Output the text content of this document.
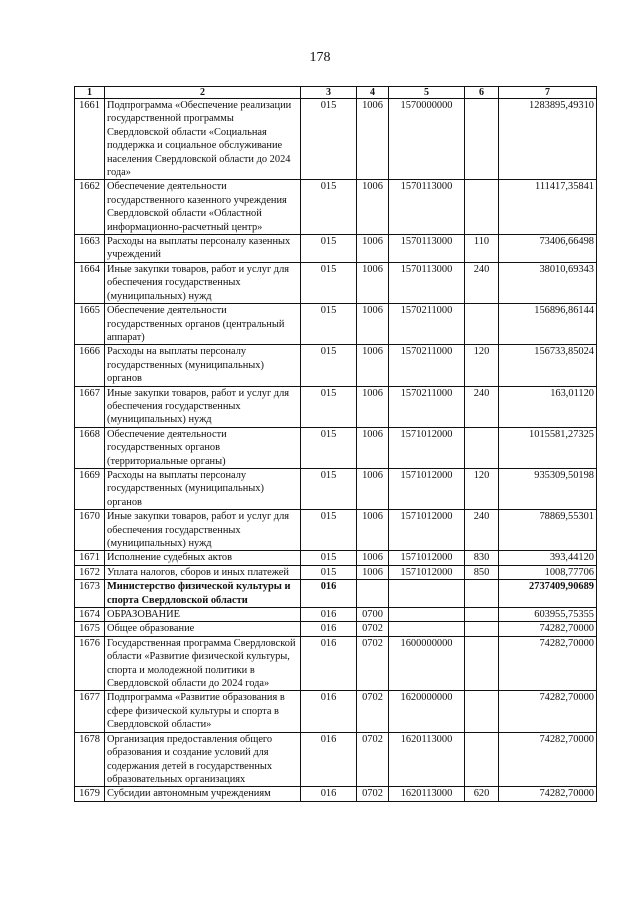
178
1	2	3	4	5	6	7
1661	Подпрограмма «Обеспечение реализации государственной программы Свердловской области «Социальная поддержка и социальное обслуживание населения Свердловской области до 2024 года»	015	1006	1570000000		1283895,49310
1662	Обеспечение деятельности государственного казенного учреждения Свердловской области «Областной информационно-расчетный центр»	015	1006	1570113000		111417,35841
1663	Расходы на выплаты персоналу казенных учреждений	015	1006	1570113000	110	73406,66498
1664	Иные закупки товаров, работ и услуг для обеспечения государственных (муниципальных) нужд	015	1006	1570113000	240	38010,69343
1665	Обеспечение деятельности государственных органов (центральный аппарат)	015	1006	1570211000		156896,86144
1666	Расходы на выплаты персоналу государственных (муниципальных) органов	015	1006	1570211000	120	156733,85024
1667	Иные закупки товаров, работ и услуг для обеспечения государственных (муниципальных) нужд	015	1006	1570211000	240	163,01120
1668	Обеспечение деятельности государственных органов (территориальные органы)	015	1006	1571012000		1015581,27325
1669	Расходы на выплаты персоналу государственных (муниципальных) органов	015	1006	1571012000	120	935309,50198
1670	Иные закупки товаров, работ и услуг для обеспечения государственных (муниципальных) нужд	015	1006	1571012000	240	78869,55301
1671	Исполнение судебных актов	015	1006	1571012000	830	393,44120
1672	Уплата налогов, сборов и иных платежей	015	1006	1571012000	850	1008,77706
1673	Министерство физической культуры и спорта Свердловской области	016				2737409,90689
1674	ОБРАЗОВАНИЕ	016	0700			603955,75355
1675	Общее образование	016	0702			74282,70000
1676	Государственная программа Свердловской области «Развитие физической культуры, спорта и молодежной политики в Свердловской области до 2024 года»	016	0702	1600000000		74282,70000
1677	Подпрограмма «Развитие образования в сфере физической культуры и спорта в Свердловской области»	016	0702	1620000000		74282,70000
1678	Организация предоставления общего образования и создание условий для содержания детей в государственных образовательных организациях	016	0702	1620113000		74282,70000
1679	Субсидии автономным учреждениям	016	0702	1620113000	620	74282,70000
